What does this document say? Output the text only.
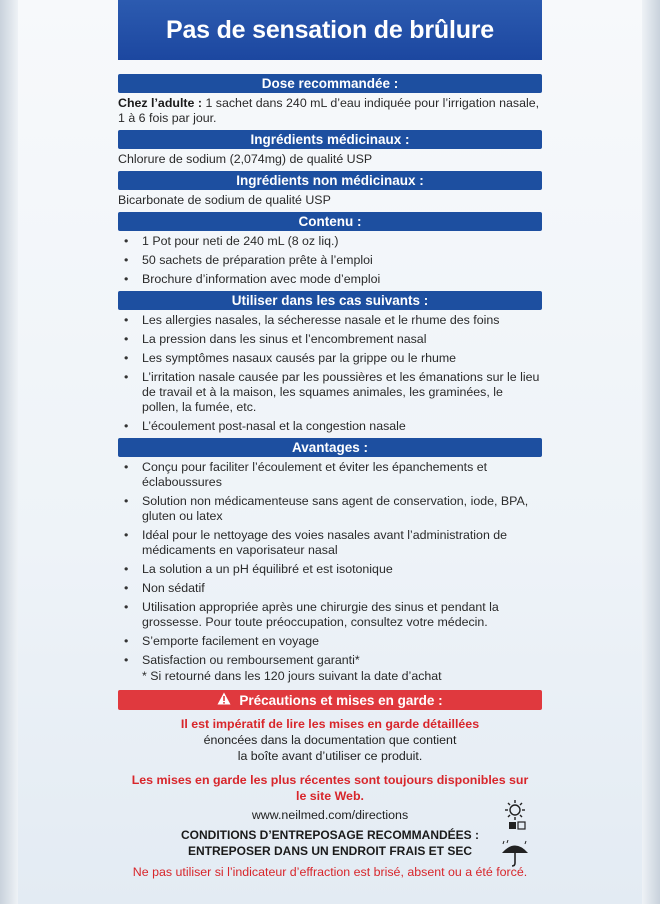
Pas de sensation de brûlure
Dose recommandée :
Chez l’adulte : 1 sachet dans 240 mL d’eau indiquée pour l’irrigation nasale, 1 à 6 fois par jour.
Ingrédients médicinaux :
Chlorure de sodium (2,074mg) de qualité USP
Ingrédients non médicinaux :
Bicarbonate de sodium de qualité USP
Contenu :
• 1 Pot pour neti de 240 mL (8 oz liq.)
• 50 sachets de préparation prête à l’emploi
• Brochure d’information avec mode d’emploi
Utiliser dans les cas suivants :
• Les allergies nasales, la sécheresse nasale et le rhume des foins
• La pression dans les sinus et l’encombrement nasal
• Les symptômes nasaux causés par la grippe ou le rhume
• L’irritation nasale causée par les poussières et les émanations sur le lieu de travail et à la maison, les squames animales, les graminées, le pollen, la fumée, etc.
• L’écoulement post-nasal et la congestion nasale
Avantages :
• Conçu pour faciliter l’écoulement et éviter les épanchements et éclaboussures
• Solution non médicamenteuse sans agent de conservation, iode, BPA, gluten ou latex
• Idéal pour le nettoyage des voies nasales avant l’administration de médicaments en vaporisateur nasal
• La solution a un pH équilibré et est isotonique
• Non sédatif
• Utilisation appropriée après une chirurgie des sinus et pendant la grossesse. Pour toute préoccupation, consultez votre médecin.
• S’emporte facilement en voyage
• Satisfaction ou remboursement garanti*
* Si retourné dans les 120 jours suivant la date d’achat
Précautions et mises en garde :
Il est impératif de lire les mises en garde détaillées
énoncées dans la documentation que contient
la boîte avant d’utiliser ce produit.
Les mises en garde les plus récentes sont toujours disponibles sur le site Web.
www.neilmed.com/directions
CONDITIONS D’ENTREPOSAGE RECOMMANDÉES :
ENTREPOSER DANS UN ENDROIT FRAIS ET SEC
Ne pas utiliser si l’indicateur d’effraction est brisé, absent ou a été forcé.
